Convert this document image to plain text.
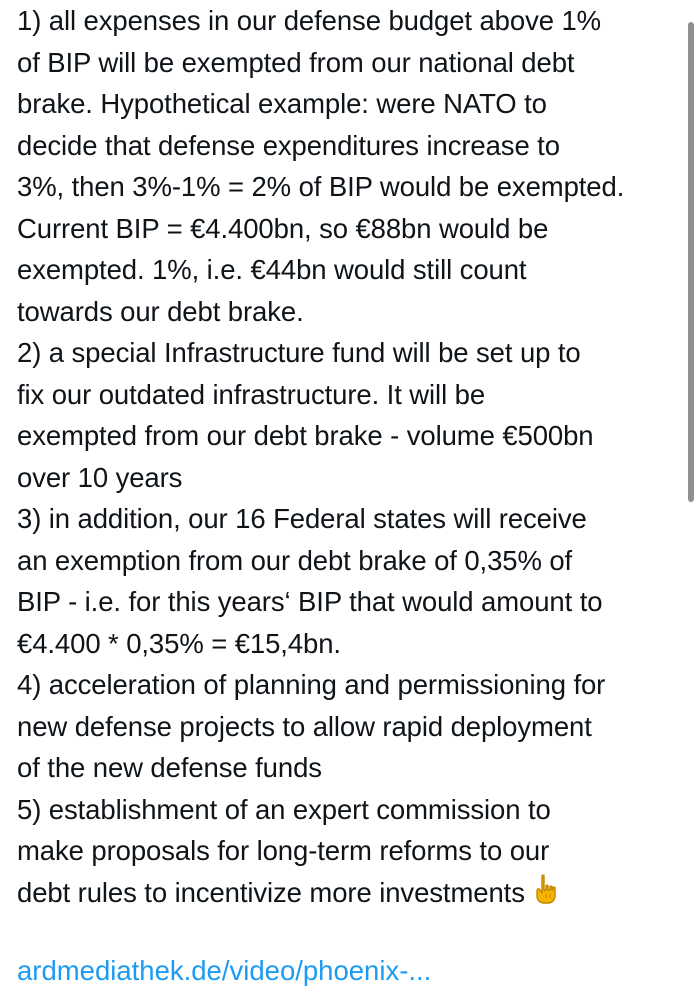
1) all expenses in our defense budget above 1%
of BIP will be exempted from our national debt
brake. Hypothetical example: were NATO to
decide that defense expenditures increase to
3%, then 3%-1% = 2% of BIP would be exempted.
Current BIP = €4.400bn, so €88bn would be
exempted. 1%, i.e. €44bn would still count
towards our debt brake.
2) a special Infrastructure fund will be set up to
fix our outdated infrastructure. It will be
exempted from our debt brake - volume €500bn
over 10 years
3) in addition, our 16 Federal states will receive
an exemption from our debt brake of 0,35% of
BIP - i.e. for this years‘ BIP that would amount to
€4.400 * 0,35% = €15,4bn.
4) acceleration of planning and permissioning for
new defense projects to allow rapid deployment
of the new defense funds
5) establishment of an expert commission to
make proposals for long-term reforms to our
debt rules to incentivize more investments
ardmediathek.de/video/phoenix-...
